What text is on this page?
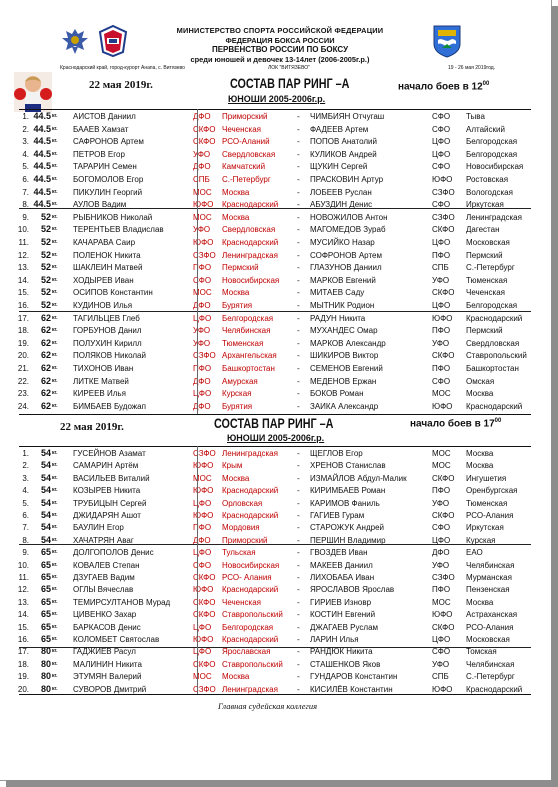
МИНИСТЕРСТВО СПОРТА РОССИЙСКОЙ ФЕДЕРАЦИИ
ФЕДЕРАЦИЯ БОКСА РОССИИ
ПЕРВЕНСТВО РОССИИ ПО БОКСУ
среди юношей и девочек 13-14лет (2006-2005г.р.)
Краснодарский край, город-курорт Анапа, с. Витязево	ЛОК "ВИТЯЗЕВО"	19 - 26 мая 2019год.
22 мая 2019г.	СОСТАВ ПАР РИНГ –А
ЮНОШИ 2005-2006г.р.
начало боев в $12^{00}$
1. 44.5 кг. АИСТОВ Даниил	ДФО Приморский	- ЧИМБИЯН Отчугаш	СФО Тыва
2. 44.5 кг. БААЕВ Хамзат	СКФО Чеченская	- ФАДЕЕВ Артем	СФО Алтайский
3. 44.5 кг. САФРОНОВ Артем	СКФО РСО-Аланий	- ПОПОВ Анатолий	ЦФО Белгородская
4. 44.5 кг. ПЕТРОВ Егор	УФО Свердловская	- КУЛИКОВ Андрей	ЦФО Белгородская
5. 44.5 кг. ТАРАРИН Семен	ДФО Камчатский	- ЩУКИН Сергей	СФО Новосибирская
6. 44.5 кг. БОГОМОЛОВ Егор	СПБ С.-Петербург	- ПРАСКОВИН Артур	ЮФО Ростовская
7. 44.5 кг. ПИКУЛИН Георгий	МОС Москва	- ЛОБЕЕВ Руслан	СЗФО Вологодская
8. 44.5 кг. АУЛОВ Вадим	ЮФО Краснодарский - АБУЗДИН Денис	СФО Иркутская
9.	52 кг. РЫБНИКОВ Николай	МОС Москва	- НОВОЖИЛОВ Антон	СЗФО Ленинградская
10.	52 кг. ТЕРЕНТЬЕВ Владислав	УФО Свердловская	- МАГОМЕДОВ Зураб	СКФО Дагестан
11.	52 кг. КАЧАРАВА Саир	ЮФО Краснодарский - МУСИЙКО Назар	ЦФО Московская
12.	52 кг. ПОЛЕНОК Никита	СЗФО Ленинградская - СОФРОНОВ Артем	ПФО Пермский
13.	52 кг. ШАКЛЕИН Матвей	ПФО Пермский	- ГЛАЗУНОВ Даниил	СПБ С.-Петербург
14.	52 кг. ХОДЫРЕВ Иван	СФО Новосибирская - МАРКОВ Евгений	УФО Тюменская
15.	52 кг. ОСИПОВ Константин	МОС Москва	- МИТАЕВ Саду	СКФО Чеченская
16.	52 кг. КУДИНОВ Илья	ДФО Бурятия	- МЫТНИК Родион	ЦФО Белгородская
17.	62 кг. ТАГИЛЬЦЕВ Глеб	ЦФО Белгородская	- РАДУН Никита	ЮФО Краснодарский
18.	62 кг. ГОРБУНОВ Данил	УФО Челябинская	- МУХАНДЕС Омар	ПФО Пермский
19.	62 кг. ПОЛУХИН Кирилл	УФО Тюменская	- МАРКОВ Александр	УФО Свердловская
20.	62 кг. ПОЛЯКОВ Николай	СЗФО Архангельская	- ШИКИРОВ Виктор	СКФО Ставропольский
21.	62 кг. ТИХОНОВ Иван	ПФО Башкортостан	- СЕМЕНОВ Евгений	ПФО Башкортостан
22.	62 кг. ЛИТКЕ Матвей	ДФО Амурская	- МЕДЕНОВ Ержан	СФО Омская
23.	62 кг. КИРЕЕВ Илья	ЦФО Курская	- БОКОВ Роман	МОС Москва
24.	62 кг. БИМБАЕВ Будожап	ДФО Бурятия	- ЗАИКА Александр	ЮФО Краснодарский
22 мая 2019г.	СОСТАВ ПАР РИНГ –А
ЮНОШИ 2005-2006г.р.
начало боев в $17^{00}$
1.	54 кг. ГУСЕЙНОВ Азамат	СЗФО Ленинградская - ЩЕГЛОВ Егор	МОС Москва
2.	54 кг. САМАРИН Артём	ЮФО Крым	- ХРЕНОВ Станислав	МОС Москва
3.	54 кг. ВАСИЛЬЕВ Виталий	МОС Москва	- ИЗМАЙЛОВ Абдул-Малик	СКФО Ингушетия
4.	54 кг. КОЗЫРЕВ Никита	ЮФО Краснодарский - КИРИМБАЕВ Роман	ПФО Оренбургская
5.	54 кг. ТРУБИЦЫН Сергей	ЦФО Орловская	- КАРИМОВ Фаниль	УФО Тюменская
6.	54 кг. ДЖИДАРЯН Ашот	ЮФО Краснодарский - ГАГИЕВ Гурам	СКФО РСО-Алания
7.	54 кг. БАУЛИН Егор	ПФО Мордовия	- СТАРОЖУК Андрей	СФО Иркутская
8.	54 кг. ХАЧАТРЯН Аваг	ДФО Приморский	- ПЕРШИН Владимир	ЦФО Курская
9.	65 кг. ДОЛГОПОЛОВ Денис	ЦФО Тульская	- ГВОЗДЕВ Иван	ДФО ЕАО
10.	65 кг. КОВАЛЕВ Степан	СФО Новосибирская - МАКЕЕВ Даниил	УФО Челябинская
11.	65 кг. ДЗУГАЕВ Вадим	СКФО РСО- Алания	- ЛИХОБАБА Иван	СЗФО Мурманская
12.	65 кг. ОГЛЫ Вячеслав	ЮФО Краснодарский - ЯРОСЛАВОВ Ярослав	ПФО Пензенская
13.	65 кг. ТЕМИРСУЛТАНОВ Мурад	СКФО Чеченская	- ГИРИЕВ Изновр	МОС Москва
14.	65 кг. ЦИВЕНКО Захар	СКФО Ставропольский - КОСТИН Евгений	ЮФО Астраханская
15.	65 кг. БАРКАСОВ Денис	ЦФО Белгородская	- ДЖАГАЕВ Руслам	СКФО РСО-Алания
16.	65 кг. КОЛОМБЕТ Святослав	ЮФО Краснодарский - ЛАРИН Илья	ЦФО Московская
17.	80 кг. ГАДЖИЕВ Расул	ЦФО Ярославская	- РАНДЮК Никита	СФО Томская
18.	80 кг. МАЛИНИН Никита	СКФО Ставропольский - СТАШЕНКОВ Яков	УФО Челябинская
19.	80 кг. ЭТУМЯН Валерий	МОС Москва	- ГУНДАРОВ Константин	СПБ С.-Петербург
20.	80 кг. СУВОРОВ Дмитрий	СЗФО Ленинградская - КИСИЛЁВ Константин	ЮФО Краснодарский
Главная судейская коллегия
